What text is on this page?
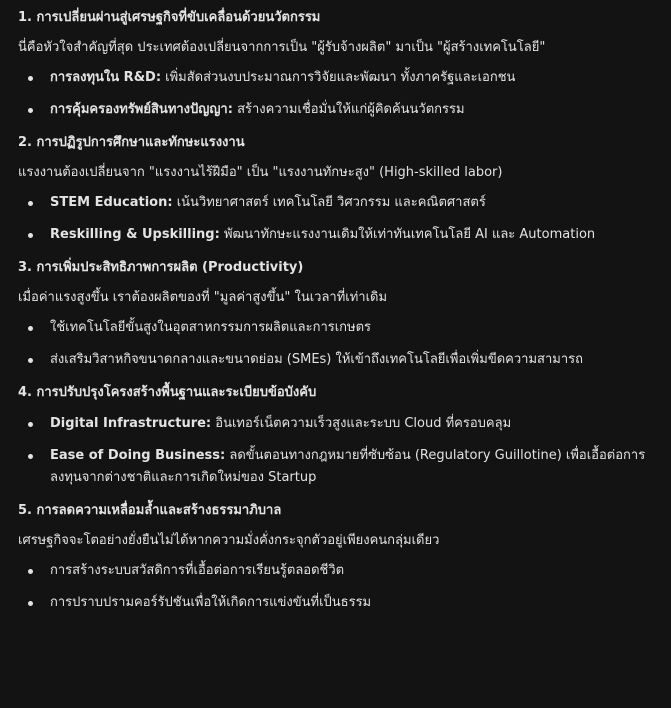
1. การเปลี่ยนผ่านสู่เศรษฐกิจที่ขับเคลื่อนด้วยนวัตกรรม
นี่คือหัวใจสำคัญที่สุด ประเทศต้องเปลี่ยนจากการเป็น "ผู้รับจ้างผลิต" มาเป็น "ผู้สร้างเทคโนโลยี"
การลงทุนใน R&D: เพิ่มสัดส่วนงบประมาณการวิจัยและพัฒนา ทั้งภาครัฐและเอกชน
การคุ้มครองทรัพย์สินทางปัญญา: สร้างความเชื่อมั่นให้แก่ผู้คิดค้นนวัตกรรม
2. การปฏิรูปการศึกษาและทักษะแรงงาน
แรงงานต้องเปลี่ยนจาก "แรงงานไร้ฝีมือ" เป็น "แรงงานทักษะสูง" (High-skilled labor)
STEM Education: เน้นวิทยาศาสตร์ เทคโนโลยี วิศวกรรม และคณิตศาสตร์
Reskilling & Upskilling: พัฒนาทักษะแรงงานเดิมให้เท่าทันเทคโนโลยี AI และ Automation
3. การเพิ่มประสิทธิภาพการผลิต (Productivity)
เมื่อค่าแรงสูงขึ้น เราต้องผลิตของที่ "มูลค่าสูงขึ้น" ในเวลาที่เท่าเดิม
ใช้เทคโนโลยีขั้นสูงในอุตสาหกรรมการผลิตและการเกษตร
ส่งเสริมวิสาหกิจขนาดกลางและขนาดย่อม (SMEs) ให้เข้าถึงเทคโนโลยีเพื่อเพิ่มขีดความสามารถ
4. การปรับปรุงโครงสร้างพื้นฐานและระเบียบข้อบังคับ
Digital Infrastructure: อินเทอร์เน็ตความเร็วสูงและระบบ Cloud ที่ครอบคลุม
Ease of Doing Business: ลดขั้นตอนทางกฎหมายที่ซับซ้อน (Regulatory Guillotine) เพื่อเอื้อต่อการลงทุนจากต่างชาติและการเกิดใหม่ของ Startup
5. การลดความเหลื่อมล้ำและสร้างธรรมาภิบาล
เศรษฐกิจจะโตอย่างยั่งยืนไม่ได้หากความมั่งคั่งกระจุกตัวอยู่เพียงคนกลุ่มเดียว
การสร้างระบบสวัสดิการที่เอื้อต่อการเรียนรู้ตลอดชีวิต
การปราบปรามคอร์รัปชันเพื่อให้เกิดการแข่งขันที่เป็นธรรม
